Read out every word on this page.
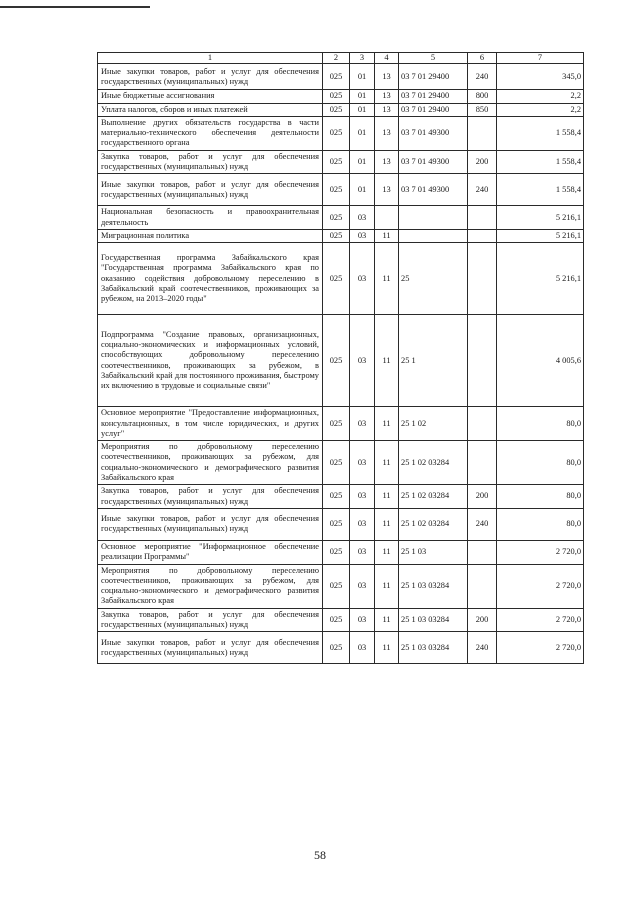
1	2	3	4	5	6	7
Иные закупки товаров, работ и услуг для обеспечения государственных (муниципальных) нужд	025	01	13	03 7 01 29400	240	345,0
Иные бюджетные ассигнования	025	01	13	03 7 01 29400	800	2,2
Уплата налогов, сборов и иных платежей	025	01	13	03 7 01 29400	850	2,2
Выполнение других обязательств государства в части материально-технического обеспечения деятельности государственного органа	025	01	13	03 7 01 49300		1 558,4
Закупка товаров, работ и услуг для обеспечения государственных (муниципальных) нужд	025	01	13	03 7 01 49300	200	1 558,4
Иные закупки товаров, работ и услуг для обеспечения государственных (муниципальных) нужд	025	01	13	03 7 01 49300	240	1 558,4
Национальная безопасность и правоохранительная деятельность	025	03				5 216,1
Миграционная политика	025	03	11			5 216,1
Государственная программа Забайкальского края "Государственная программа Забайкальского края по оказанию содействия добровольному переселению в Забайкальский край соотечественников, проживающих за рубежом, на 2013–2020 годы"	025	03	11	25		5 216,1
Подпрограмма "Создание правовых, организационных, социально-экономических и информационных условий, способствующих добровольному переселению соотечественников, проживающих за рубежом, в Забайкальский край для постоянного проживания, быстрому их включению в трудовые и социальные связи"	025	03	11	25 1		4 005,6
Основное мероприятие "Предоставление информационных, консультационных, в том числе юридических, и других услуг"	025	03	11	25 1 02		80,0
Мероприятия по добровольному переселению соотечественников, проживающих за рубежом, для социально-экономического и демографического развития Забайкальского края	025	03	11	25 1 02 03284		80,0
Закупка товаров, работ и услуг для обеспечения государственных (муниципальных) нужд	025	03	11	25 1 02 03284	200	80,0
Иные закупки товаров, работ и услуг для обеспечения государственных (муниципальных) нужд	025	03	11	25 1 02 03284	240	80,0
Основное мероприятие "Информационное обеспечение реализации Программы"	025	03	11	25 1 03		2 720,0
Мероприятия по добровольному переселению соотечественников, проживающих за рубежом, для социально-экономического и демографического развития Забайкальского края	025	03	11	25 1 03 03284		2 720,0
Закупка товаров, работ и услуг для обеспечения государственных (муниципальных) нужд	025	03	11	25 1 03 03284	200	2 720,0
Иные закупки товаров, работ и услуг для обеспечения государственных (муниципальных) нужд	025	03	11	25 1 03 03284	240	2 720,0
58
